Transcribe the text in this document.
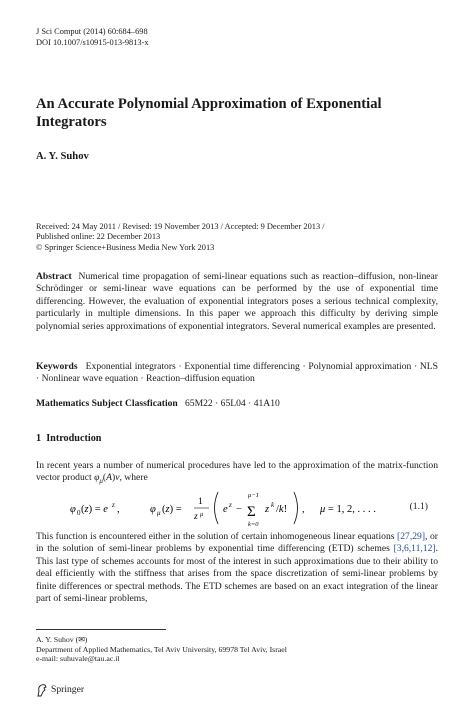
J Sci Comput (2014) 60:684–698
DOI 10.1007/s10915-013-9813-x
An Accurate Polynomial Approximation of Exponential Integrators
A. Y. Suhov
Received: 24 May 2011 / Revised: 19 November 2013 / Accepted: 9 December 2013 /
Published online: 22 December 2013
© Springer Science+Business Media New York 2013
Abstract Numerical time propagation of semi-linear equations such as reaction–diffusion, non-linear Schrödinger or semi-linear wave equations can be performed by the use of exponential time differencing. However, the evaluation of exponential integrators poses a serious technical complexity, particularly in multiple dimensions. In this paper we approach this difficulty by deriving simple polynomial series approximations of exponential integrators. Several numerical examples are presented.
Keywords Exponential integrators · Exponential time differencing · Polynomial approximation · NLS · Nonlinear wave equation · Reaction–diffusion equation
Mathematics Subject Classfication 65M22 · 65L04 · 41A10
1 Introduction
In recent years a number of numerical procedures have led to the approximation of the matrix-function vector product $\varphi_\mu(A)v$, where
φ 0 (z) = e z ,	φ μ (z) =
1
z μ e z −
μ−1
Σ
k=0
z k /k! , μ = 1, 2, . . . .	(1.1)
This function is encountered either in the solution of certain inhomogeneous linear equations [27,29], or in the solution of semi-linear problems by exponential time differencing (ETD) schemes [3,6,11,12]. This last type of schemes accounts for most of the interest in such approximations due to their ability to deal efficiently with the stiffness that arises from the space discretization of semi-linear problems by finite differences or spectral methods. The ETD schemes are based on an exact integration of the linear part of semi-linear problems,
A. Y. Suhov (✉)
Department of Applied Mathematics, Tel Aviv University, 69978 Tel Aviv, Israel
e-mail: suhuvale@tau.ac.il
Springer
